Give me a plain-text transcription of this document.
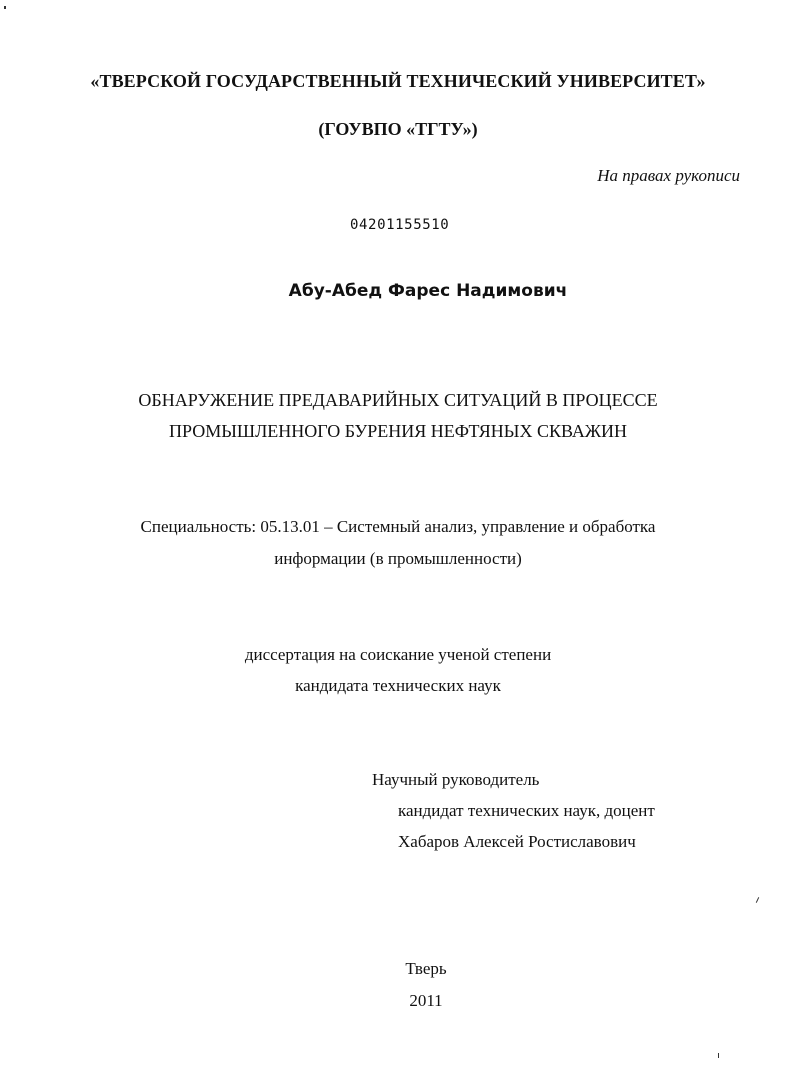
«ТВЕРСКОЙ ГОСУДАРСТВЕННЫЙ ТЕХНИЧЕСКИЙ УНИВЕРСИТЕТ»
(ГОУВПО «ТГТУ»)
На правах рукописи
04201155510
Абу-Абед Фарес Надимович
ОБНАРУЖЕНИЕ ПРЕДАВАРИЙНЫХ СИТУАЦИЙ В ПРОЦЕССЕ
ПРОМЫШЛЕННОГО БУРЕНИЯ НЕФТЯНЫХ СКВАЖИН
Специальность: 05.13.01 – Системный анализ, управление и обработка
информации (в промышленности)
диссертация на соискание ученой степени
кандидата технических наук
Научный руководитель
кандидат технических наук, доцент
Хабаров Алексей Ростиславович
Тверь
2011
